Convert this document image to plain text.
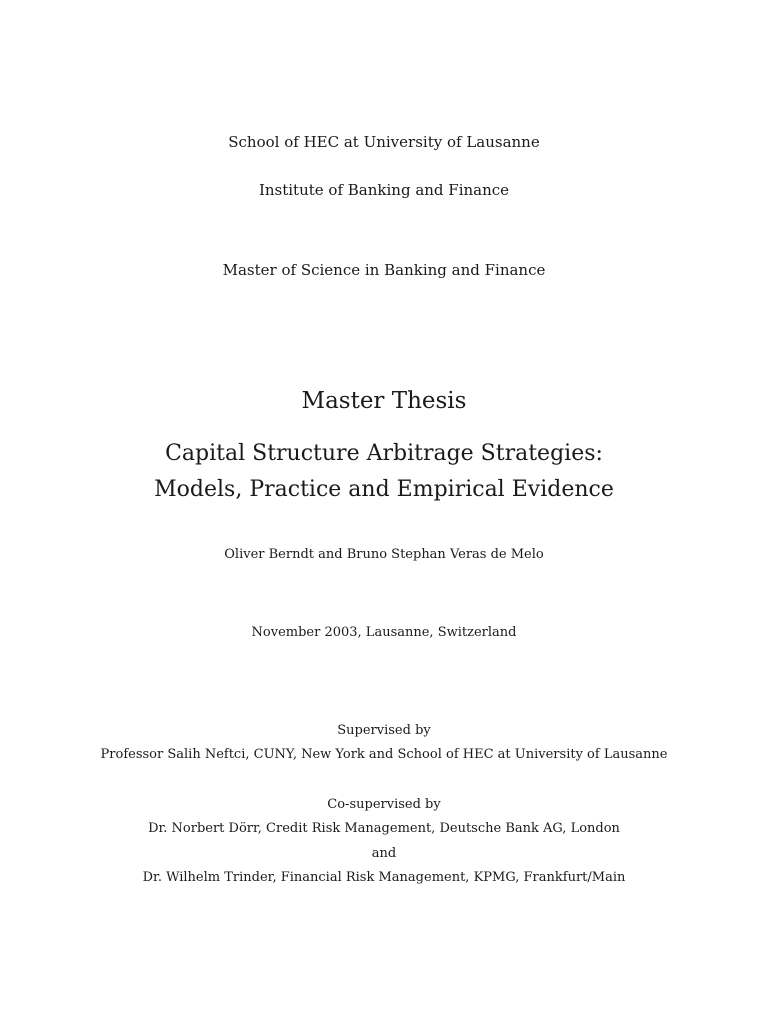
School of HEC at University of Lausanne
Institute of Banking and Finance
Master of Science in Banking and Finance
Master Thesis
Capital Structure Arbitrage Strategies:
Models, Practice and Empirical Evidence
Oliver Berndt and Bruno Stephan Veras de Melo
November 2003, Lausanne, Switzerland
Supervised by
Professor Salih Neftci, CUNY, New York and School of HEC at University of Lausanne
Co-supervised by
Dr. Norbert Dörr, Credit Risk Management, Deutsche Bank AG, London
and
Dr. Wilhelm Trinder, Financial Risk Management, KPMG, Frankfurt/Main
